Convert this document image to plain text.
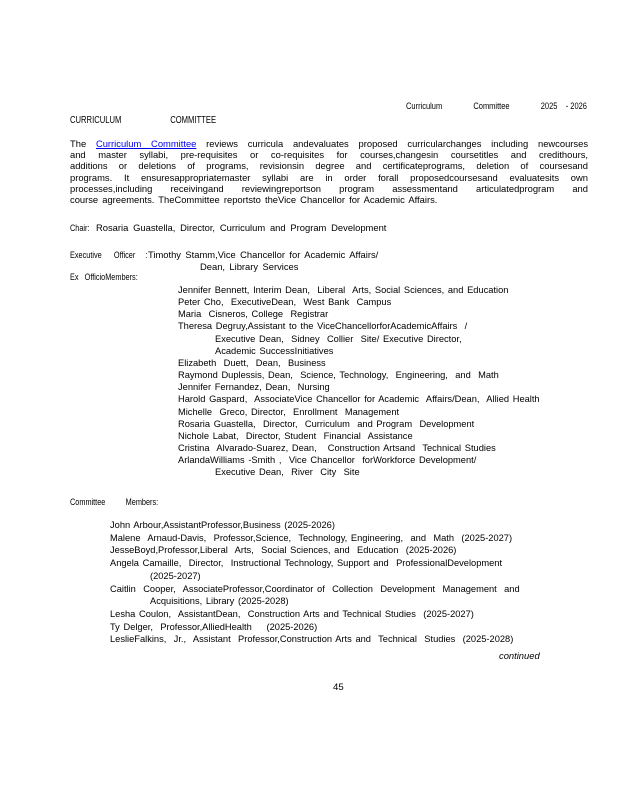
Curriculum               Committee               2025    - 2026
CURRICULUM                       COMMITTEE
The Curriculum Committee reviews curricula andevaluates proposed curricularchanges including newcourses
and master syllabi, pre-requisites or co-requisites for courses,changesin coursetitles and credithours,
additions or deletions of programs, revisionsin degree and certificateprograms, deletion of coursesand
programs. It ensuresappropriatemaster syllabi are in order forall proposedcoursesand evaluatesits own
processes,including receivingand reviewingreportson program assessmentand articulatedprogram and
course agreements. TheCommittee reportsto theVice Chancellor for Academic Affairs.
Chair: Rosaria Guastella, Director, Curriculum and Program Development
Executive      Officer     : Timothy Stamm,Vice Chancellor for Academic Affairs/
Dean, Library Services
Ex   OfficioMembers:
Jennifer Bennett, Interim Dean,  Liberal  Arts, Social Sciences, and Education
Peter Cho,  ExecutiveDean,  West Bank  Campus
Maria  Cisneros, College  Registrar
Theresa Degruy,Assistant to the ViceChancellorforAcademicAffairs  /
Executive Dean,  Sidney  Collier  Site/ Executive Director,
Academic SuccessInitiatives
Elizabeth  Duett,  Dean,  Business
Raymond Duplessis, Dean,  Science, Technology,  Engineering,  and  Math
Jennifer Fernandez, Dean,  Nursing
Harold Gaspard,  AssociateVice Chancellor for Academic  Affairs/Dean,  Allied Health
Michelle  Greco, Director,  Enrollment  Management
Rosaria Guastella,  Director,  Curriculum  and Program  Development
Nichole Labat,  Director, Student  Financial  Assistance
Cristina  Alvarado-Suarez, Dean,   Construction Artsand  Technical Studies
ArlandaWilliams -Smith ,  Vice Chancellor  forWorkforce Development/
Executive Dean,  River  City  Site
Committee          Members:
John Arbour,AssistantProfessor,Business (2025-2026)
Malene  Arnaud-Davis,  Professor,Science,  Technology, Engineering,  and  Math  (2025-2027)
JesseBoyd,Professor,Liberal  Arts,  Social Sciences, and  Education  (2025-2026)
Angela Camaille,  Director,  Instructional Technology, Support and  ProfessionalDevelopment
(2025-2027)
Caitlin  Cooper,  AssociateProfessor,Coordinator of  Collection  Development  Management  and
Acquisitions, Library (2025-2028)
Lesha Coulon,  AssistantDean,  Construction Arts and Technical Studies  (2025-2027)
Ty Delger,  Professor,AlliedHealth    (2025-2026)
LeslieFalkins,  Jr.,  Assistant  Professor,Construction Arts and  Technical  Studies  (2025-2028)
continued
45
